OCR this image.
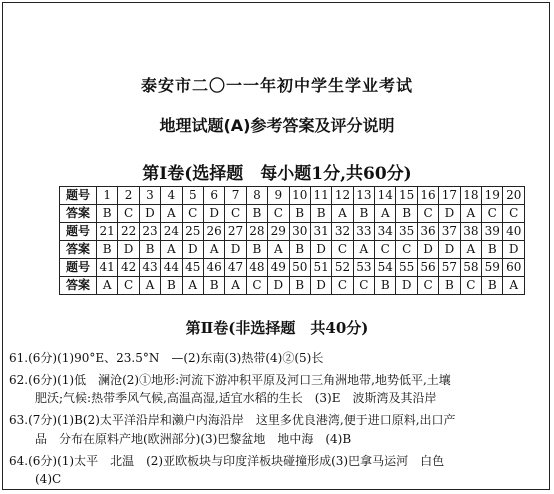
泰安市二〇一一年初中学生学业考试
地理试题(A)参考答案及评分说明
第Ⅰ卷(选择题　每小题1分,共60分)
题号	1	2	3	4	5	6	7	8	9	10	11	12	13	14	15	16	17	18	19	20
答案	B	C	D	A	C	D	C	B	C	B	B	A	B	A	B	C	D	A	C	C
题号	21	22	23	24	25	26	27	28	29	30	31	32	33	34	35	36	37	38	39	40
答案	B	D	B	A	D	A	D	B	A	B	D	C	A	C	C	D	D	A	B	D
题号	41	42	43	44	45	46	47	48	49	50	51	52	53	54	55	56	57	58	59	60
答案	A	C	A	B	A	B	A	C	D	B	D	C	C	B	D	C	B	C	B	A
第Ⅱ卷(非选择题　共40分)
61.(6分)(1)90°E、23.5°N　—(2)东南(3)热带(4)②(5)长
62.(6分)(1)低　澜沧(2)①地形:河流下游冲积平原及河口三角洲地带,地势低平,土壤
肥沃;气候:热带季风气候,高温高湿,适宜水稻的生长　(3)E　波斯湾及其沿岸
63.(7分)(1)B(2)太平洋沿岸和濑户内海沿岸　这里多优良港湾,便于进口原料,出口产
品　分布在原料产地(欧洲部分)(3)巴黎盆地　地中海　(4)B
64.(6分)(1)太平　北温　(2)亚欧板块与印度洋板块碰撞形成(3)巴拿马运河　白色
(4)C
